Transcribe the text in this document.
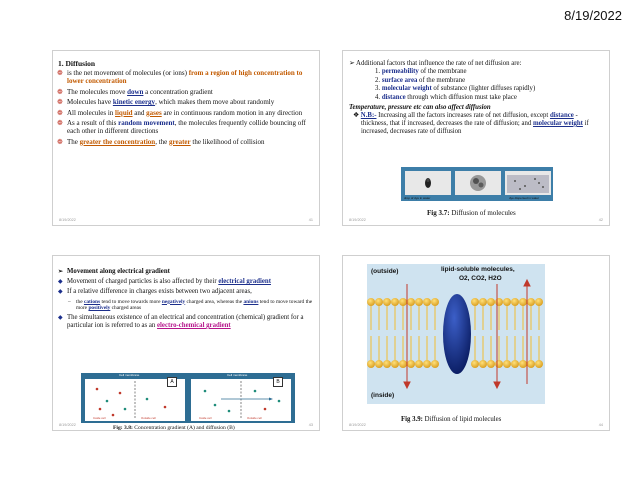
8/19/2022
1. Diffusion
❁ is the net movement of molecules (or ions) from a region of high concentration to lower concentration
❁ The molecules move down a concentration gradient
❁ Molecules have kinetic energy, which makes them move about randomly
❁ All molecules in liquid and gases are in continuous random motion in any direction
❁ As a result of this random movement, the molecules frequently collide bouncing off each other in different directions
❁ The greater the concentration, the greater the likelihood of collision
8/19/2022	41
➢ Additional factors that influence the rate of net diffusion are:
1. permeability of the membrane
2. surface area of the membrane
3. molecular weight of substance (lighter diffuses rapidly)
4. distance through which diffusion must take place
Temperature, pressure etc can also affect diffusion
❖ N.B:- Increasing all the factors increases rate of net diffusion, except distance - thickness, that if increased, decreases the rate of diffusion; and molecular weight if increased, decreases rate of diffusion
drop of dye in water	dye dispersed in water
Fig 3.7: Diffusion of molecules
8/19/2022	42
➢ Movement along electrical gradient
◆ Movement of charged particles is also affected by their electrical gradient
◆ If a relative difference in charges exists between two adjacent areas,
– the cations tend to move towards more negatively charged area, whereas the anions tend to move toward the more positively charged areas
◆ The simultaneous existence of an electrical and concentration (chemical) gradient for a particular ion is referred to as an electro-chemical gradient
Cell membrane	Cell membrane
Inside cell	Outside cell	Inside cell	Outside cell
A	B
Fig: 3.8: Concentration gradient (A) and diffusion (B)
8/19/2022	43
(outside)	lipid-soluble molecules,
O2, CO2, H2O
(inside)
Fig 3.9: Diffusion of lipid molecules
8/19/2022	44
